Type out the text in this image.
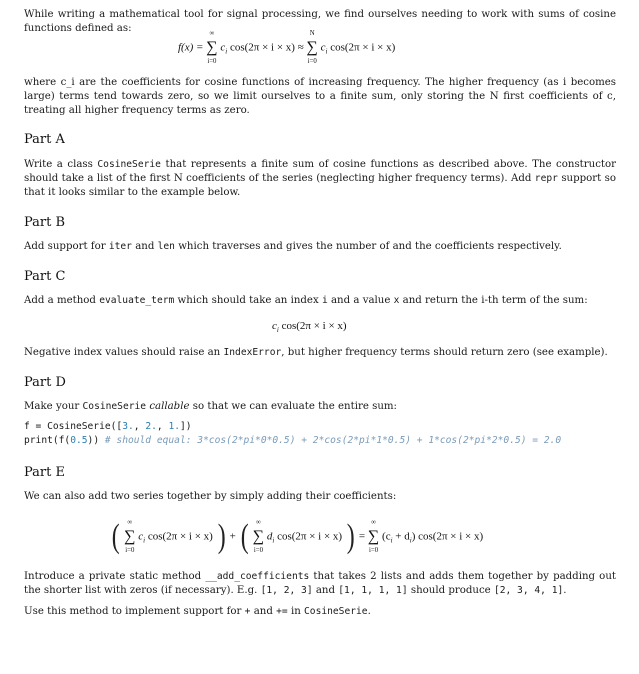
While writing a mathematical tool for signal processing, we find ourselves needing to work with sums of cosine functions defined as:
f(x) =
∞
∑
i=0
$c_i$ cos(2π × i × x) ≈
N
∑
i=0
$c_i$ cos(2π × i × x)
where c_i are the coefficients for cosine functions of increasing frequency. The higher frequency (as i becomes large) terms tend towards zero, so we limit ourselves to a finite sum, only storing the N first coefficients of c, treating all higher frequency terms as zero.
Part A
Write a class CosineSerie that represents a finite sum of cosine functions as described above. The constructor should take a list of the first N coefficients of the series (neglecting higher frequency terms). Add repr support so that it looks similar to the example below.
Part B
Add support for iter and len which traverses and gives the number of and the coefficients respectively.
Part C
Add a method evaluate_term which should take an index i and a value x and return the i-th term of the sum:
$c_i$ cos(2π × i × x)
Negative index values should raise an IndexError, but higher frequency terms should return zero (see example).
Part D
Make your CosineSerie callable so that we can evaluate the entire sum:
f = CosineSerie([3., 2., 1.])
print(f(0.5)) # should equal: 3*cos(2*pi*0*0.5) + 2*cos(2*pi*1*0.5) + 1*cos(2*pi*2*0.5) = 2.0
Part E
We can also add two series together by simply adding their coefficients:
(	∞
∑
i=0
$c_i$ cos(2π × i × x) ) + (	∞
∑
i=0
$d_i$ cos(2π × i × x) ) =
∞
∑
i=0
$(c_i + d_i) \cos(2\pi \times i \times x)$
Introduce a private static method __add_coefficients that takes 2 lists and adds them together by padding out the shorter list with zeros (if necessary). E.g. [1, 2, 3] and [1, 1, 1, 1] should produce [2, 3, 4, 1].
Use this method to implement support for + and += in CosineSerie.
